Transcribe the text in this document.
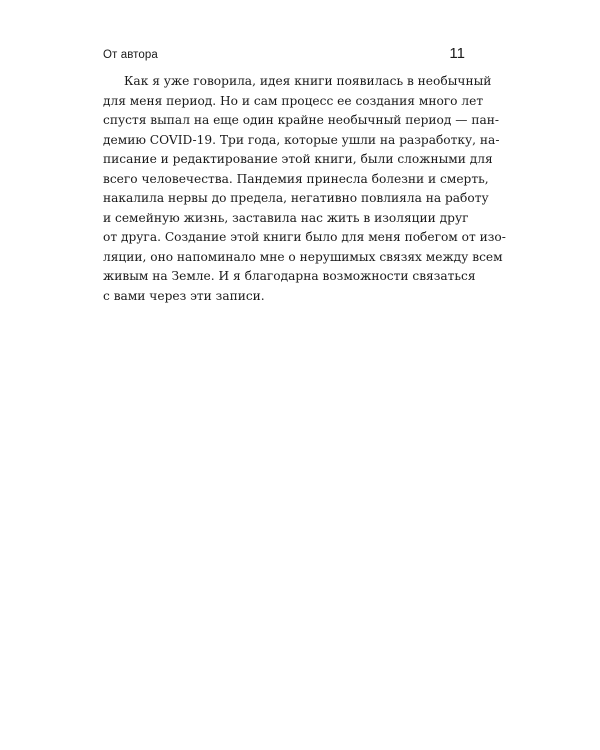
От автора	11
Как я уже говорила, идея книги появилась в необычный
для меня период. Но и сам процесс ее создания много лет
спустя выпал на еще один крайне необычный период — пан-
демию COVID-19. Три года, которые ушли на разработку, на-
писание и редактирование этой книги, были сложными для
всего человечества. Пандемия принесла болезни и смерть,
накалила нервы до предела, негативно повлияла на работу
и семейную жизнь, заставила нас жить в изоляции друг
от друга. Создание этой книги было для меня побегом от изо-
ляции, оно напоминало мне о нерушимых связях между всем
живым на Земле. И я благодарна возможности связаться
с вами через эти записи.
